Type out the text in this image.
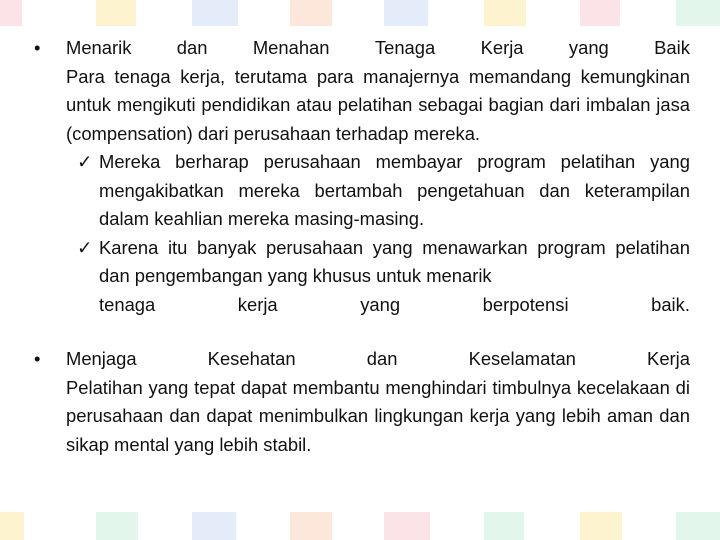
• Menarik dan Menahan Tenaga Kerja yang Baik
Para tenaga kerja, terutama para manajernya memandang kemungkinan untuk mengikuti pendidikan atau pelatihan sebagai bagian dari imbalan jasa (compensation) dari perusahaan terhadap mereka.
✓ Mereka berharap perusahaan membayar program pelatihan yang mengakibatkan mereka bertambah pengetahuan dan keterampilan dalam keahlian mereka masing-masing.
✓ Karena itu banyak perusahaan yang menawarkan program pelatihan dan pengembangan yang khusus untuk menarik
tenaga	kerja	yang	berpotensi	baik.
• Menjaga	Kesehatan	dan	Keselamatan	Kerja
Pelatihan yang tepat dapat membantu menghindari timbulnya kecelakaan di perusahaan dan dapat menimbulkan lingkungan kerja yang lebih aman dan sikap mental yang lebih stabil.
